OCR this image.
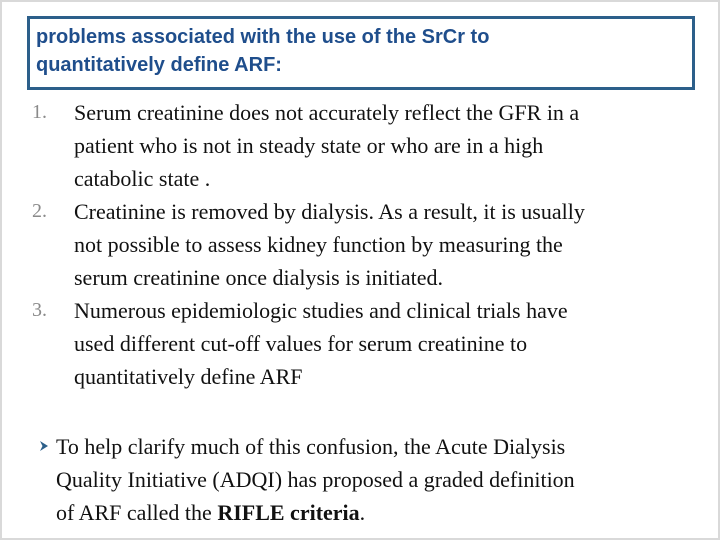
problems associated with the use of the SrCr to
quantitatively define ARF:
1. Serum creatinine does not accurately reflect the GFR in a
patient who is not in steady state or who are in a high
catabolic state .
2. Creatinine is removed by dialysis. As a result, it is usually
not possible to assess kidney function by measuring the
serum creatinine once dialysis is initiated.
3. Numerous epidemiologic studies and clinical trials have
used different cut-off values for serum creatinine to
quantitatively define ARF
To help clarify much of this confusion, the Acute Dialysis
Quality Initiative (ADQI) has proposed a graded definition
of ARF called the RIFLE criteria.
